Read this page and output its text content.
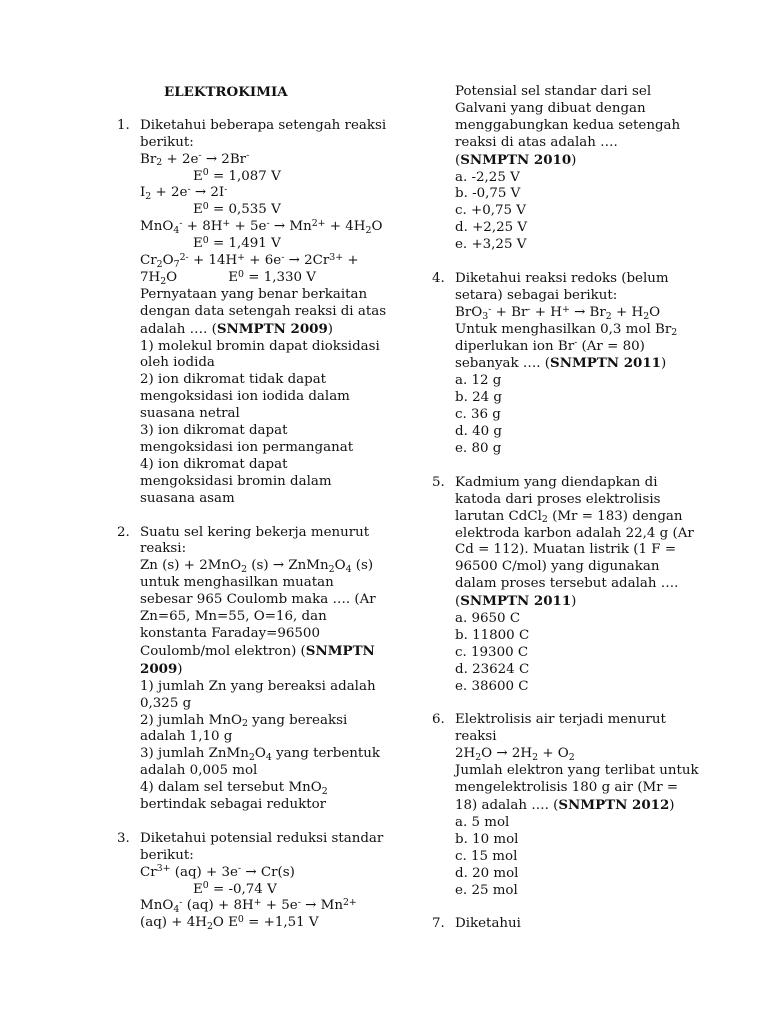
ELEKTROKIMIA
1. Diketahui beberapa setengah reaksi
berikut:
$Br_2 + 2e^- \to 2Br^-$
$E^0 = 1,087$ V
$I_2 + 2e^- \to 2I^-$
$E^0 = 0,535$ V
$MnO_4^- + 8H^+ + 5e^- \to Mn^{2+} + 4H_2O$
$E^0 = 1,491$ V
$Cr_2O_7^{2-} + 14H^+ + 6e^- \to 2Cr^{3+}$ +
$7H_2O$            $E^0 = 1,330$ V
Pernyataan yang benar berkaitan
dengan data setengah reaksi di atas
adalah …. (SNMPTN 2009)
1) molekul bromin dapat dioksidasi
oleh iodida
2) ion dikromat tidak dapat
mengoksidasi ion iodida dalam
suasana netral
3) ion dikromat dapat
mengoksidasi ion permanganat
4) ion dikromat dapat
mengoksidasi bromin dalam
suasana asam
2. Suatu sel kering bekerja menurut
reaksi:
Zn (s) + 2MnO$_2$ $(s) \to ZnMn_2O_4$ (s)
untuk menghasilkan muatan
sebesar 965 Coulomb maka …. (Ar
Zn=65, Mn=55, O=16, dan
konstanta Faraday=96500
Coulomb/mol elektron) (SNMPTN
2009)
1) jumlah Zn yang bereaksi adalah
0,325 g
2) jumlah MnO$_2$ yang bereaksi
adalah 1,10 g
3) jumlah $ZnMn_2O_4$ yang terbentuk
adalah 0,005 mol
4) dalam sel tersebut MnO$_2$
bertindak sebagai reduktor
3. Diketahui potensial reduksi standar
berikut:
$Cr^{3+}$ (aq) + 3e- → Cr(s)
$E^0 = -0,74$ V
MnO$_4$- $(aq) + 8H^+ + 5e^- \to Mn^{2+}$
$(aq) + 4H_2O$ $E^0 = +1,51$ V
Potensial sel standar dari sel
Galvani yang dibuat dengan
menggabungkan kedua setengah
reaksi di atas adalah ….
(SNMPTN 2010)
a. -2,25 V
b. -0,75 V
c. +0,75 V
d. +2,25 V
e. +3,25 V
4. Diketahui reaksi redoks (belum
setara) sebagai berikut:
$BrO_3^- + Br^- + H^+ \to Br_2 + H_2O$
Untuk menghasilkan 0,3 mol $Br_2$
diperlukan ion Br- (Ar = 80)
sebanyak …. (SNMPTN 2011)
a. 12 g
b. 24 g
c. 36 g
d. 40 g
e. 80 g
5. Kadmium yang diendapkan di
katoda dari proses elektrolisis
larutan CdCl$_2$ (Mr = 183) dengan
elektroda karbon adalah 22,4 g (Ar
Cd = 112). Muatan listrik (1 F =
96500 C/mol) yang digunakan
dalam proses tersebut adalah ….
(SNMPTN 2011)
a. 9650 C
b. 11800 C
c. 19300 C
d. 23624 C
e. 38600 C
6. Elektrolisis air terjadi menurut
reaksi
$2H_2O \to 2H_2 + O_2$
Jumlah elektron yang terlibat untuk
mengelektrolisis 180 g air (Mr =
18) adalah …. (SNMPTN 2012)
a. 5 mol
b. 10 mol
c. 15 mol
d. 20 mol
e. 25 mol
7. Diketahui
